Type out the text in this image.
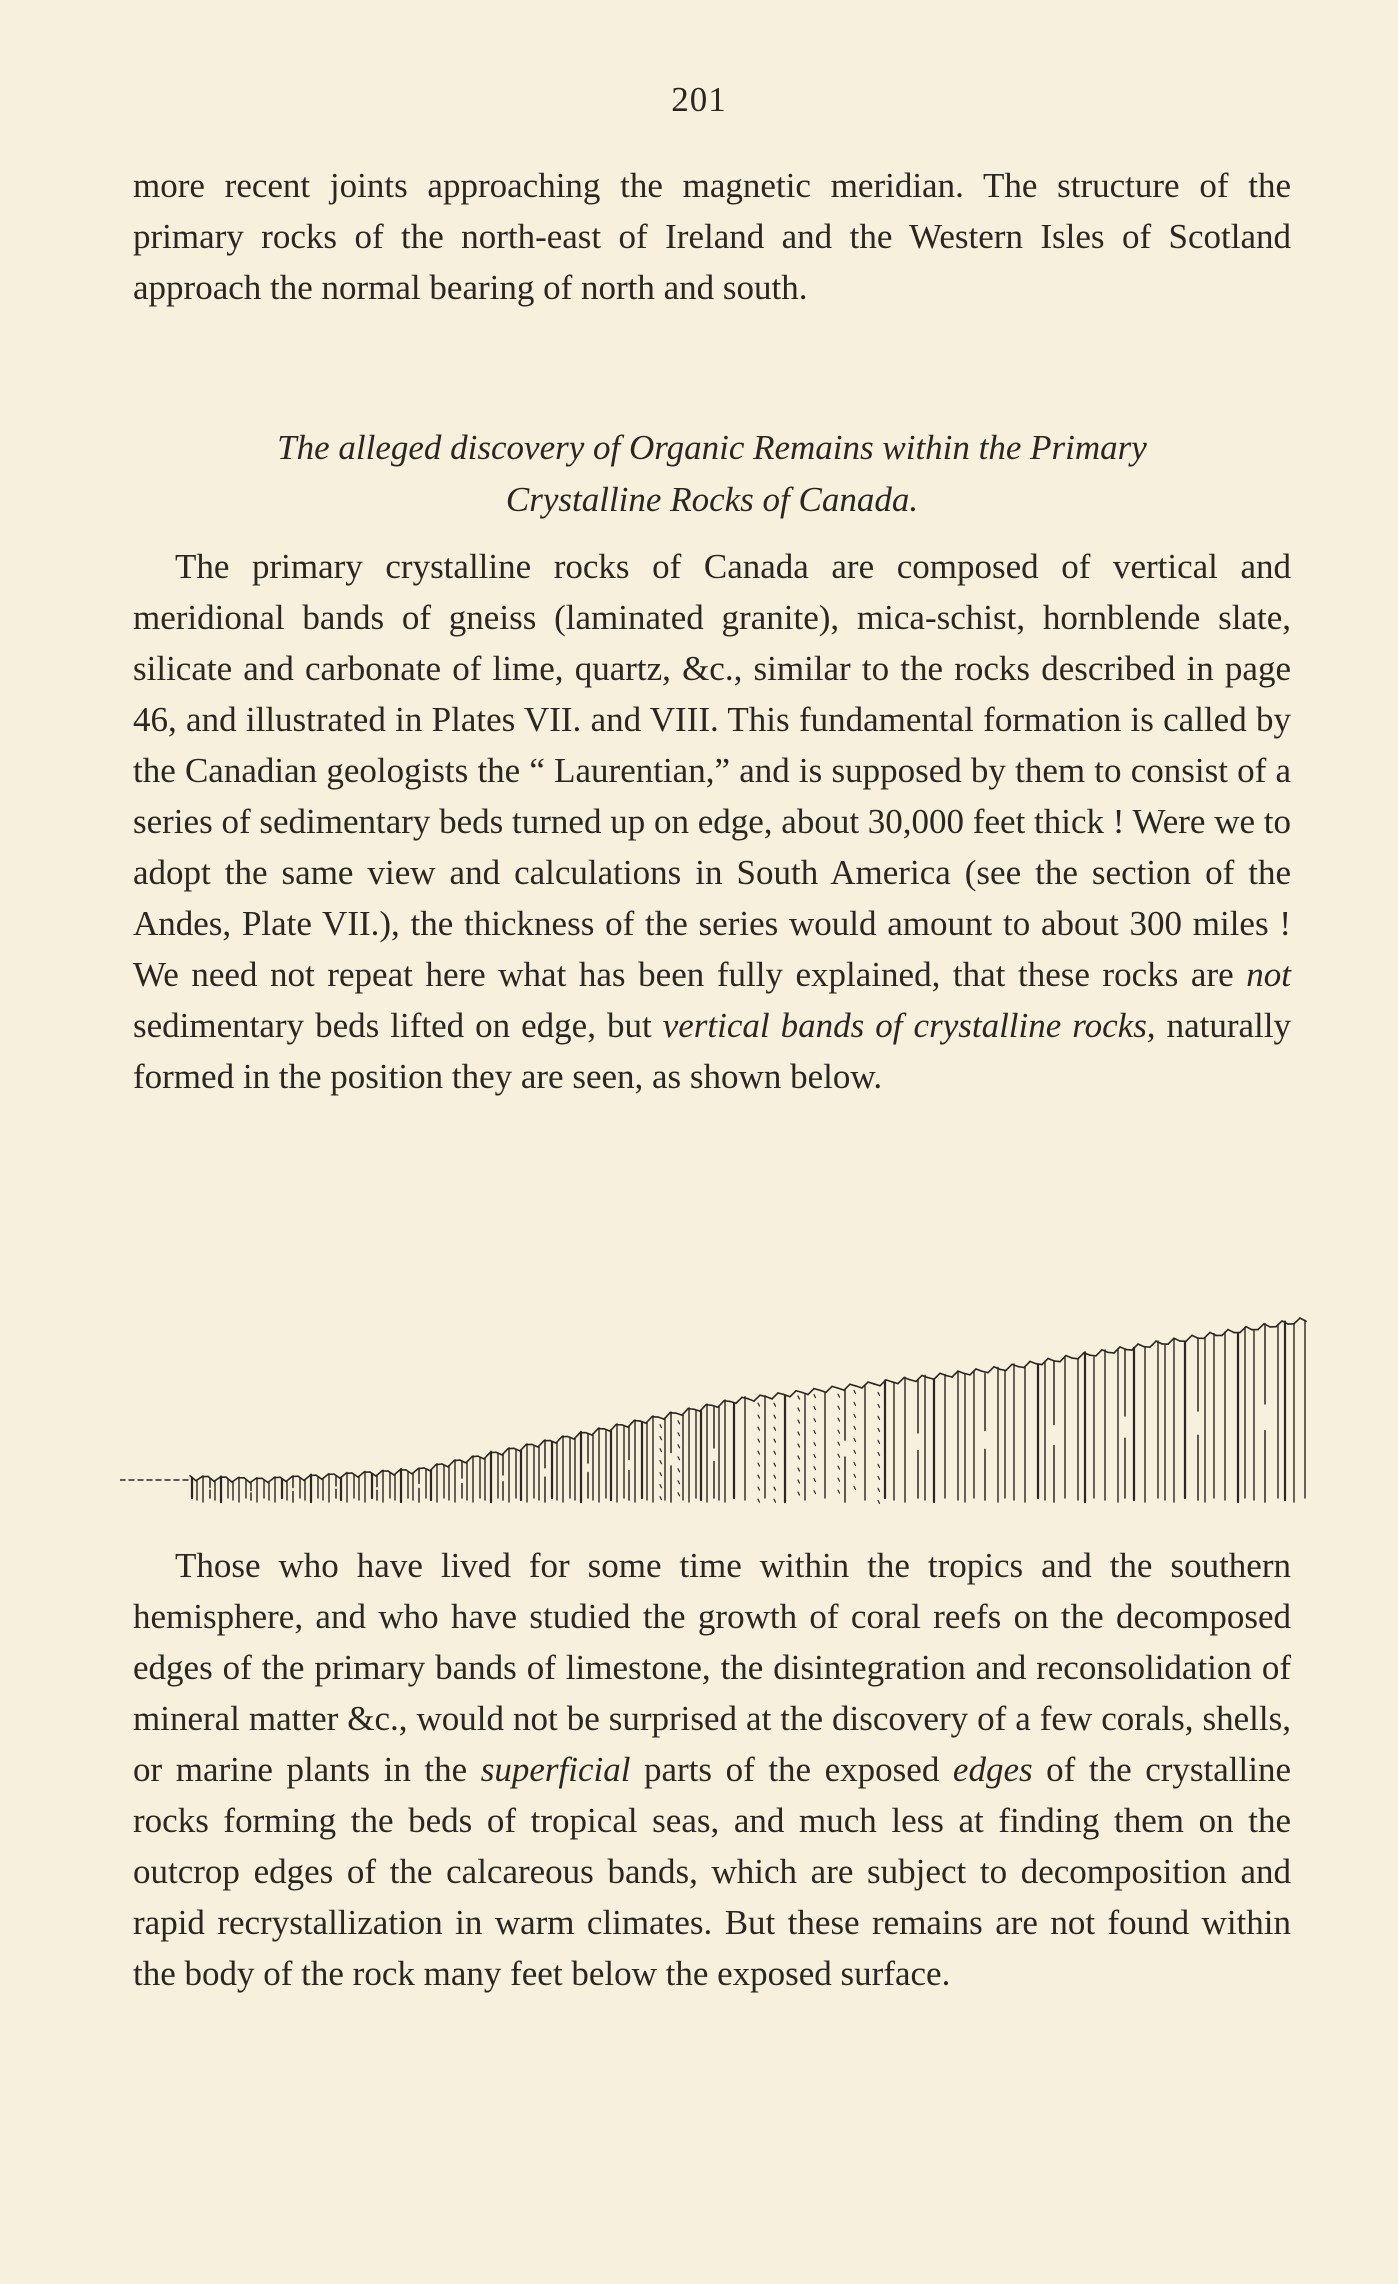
201

more recent joints approaching the magnetic meridian. The structure of the primary rocks of the north-east of Ireland and the Western Isles of Scotland approach the normal bearing of north and south.

The alleged discovery of Organic Remains within the Primary
Crystalline Rocks of Canada.

The primary crystalline rocks of Canada are composed of vertical and meridional bands of gneiss (laminated granite), mica-schist, hornblende slate, silicate and carbonate of lime, quartz, &c., similar to the rocks described in page 46, and illustrated in Plates VII. and VIII. This fundamental formation is called by the Canadian geologists the “ Laurentian,” and is supposed by them to consist of a series of sedimentary beds turned up on edge, about 30,000 feet thick ! Were we to adopt the same view and calculations in South America (see the section of the Andes, Plate VII.), the thickness of the series would amount to about 300 miles ! We need not repeat here what has been fully explained, that these rocks are not sedimentary beds lifted on edge, but vertical bands of crystalline rocks, naturally formed in the position they are seen, as shown below.

Those who have lived for some time within the tropics and the southern hemisphere, and who have studied the growth of coral reefs on the decomposed edges of the primary bands of limestone, the disintegration and reconsolidation of mineral matter &c., would not be surprised at the discovery of a few corals, shells, or marine plants in the superficial parts of the exposed edges of the crystalline rocks forming the beds of tropical seas, and much less at finding them on the outcrop edges of the calcareous bands, which are subject to decomposition and rapid recrystallization in warm climates. But these remains are not found within the body of the rock many feet below the exposed surface.
